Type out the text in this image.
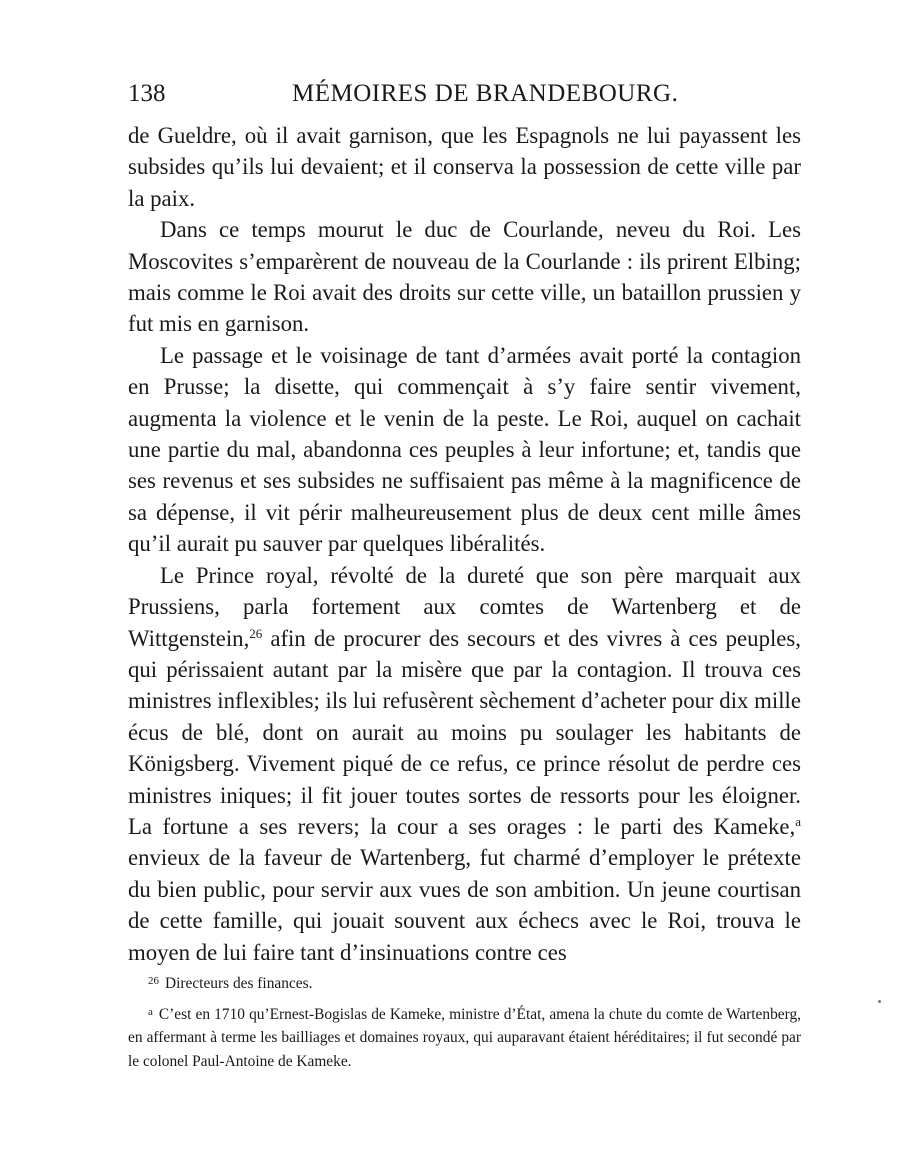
138	MÉMOIRES DE BRANDEBOURG.

de Gueldre, où il avait garnison, que les Espagnols ne lui payassent les subsides qu’ils lui devaient; et il conserva la possession de cette ville par la paix.

Dans ce temps mourut le duc de Courlande, neveu du Roi. Les Moscovites s’emparèrent de nouveau de la Courlande : ils prirent Elbing; mais comme le Roi avait des droits sur cette ville, un bataillon prussien y fut mis en garnison.

Le passage et le voisinage de tant d’armées avait porté la contagion en Prusse; la disette, qui commençait à s’y faire sentir vivement, augmenta la violence et le venin de la peste. Le Roi, auquel on cachait une partie du mal, abandonna ces peuples à leur infortune; et, tandis que ses revenus et ses subsides ne suffisaient pas même à la magnificence de sa dépense, il vit périr malheureusement plus de deux cent mille âmes qu’il aurait pu sauver par quelques libéralités.

Le Prince royal, révolté de la dureté que son père marquait aux Prussiens, parla fortement aux comtes de Wartenberg et de Wittgenstein,$^{26}$ afin de procurer des secours et des vivres à ces peuples, qui périssaient autant par la misère que par la contagion. Il trouva ces ministres inflexibles; ils lui refusèrent sèchement d’acheter pour dix mille écus de blé, dont on aurait au moins pu soulager les habitants de Königsberg. Vivement piqué de ce refus, ce prince résolut de perdre ces ministres iniques; il fit jouer toutes sortes de ressorts pour les éloigner. La fortune a ses revers; la cour a ses orages : le parti des Kameke,$^a$ envieux de la faveur de Wartenberg, fut charmé d’employer le prétexte du bien public, pour servir aux vues de son ambition. Un jeune courtisan de cette famille, qui jouait souvent aux échecs avec le Roi, trouva le moyen de lui faire tant d’insinuations contre ces

$^{26}$ Directeurs des finances.

$^a$ C’est en 1710 qu’Ernest-Bogislas de Kameke, ministre d’État, amena la chute du comte de Wartenberg, en affermant à terme les bailliages et domaines royaux, qui auparavant étaient héréditaires; il fut secondé par le colonel Paul-Antoine de Kameke.
